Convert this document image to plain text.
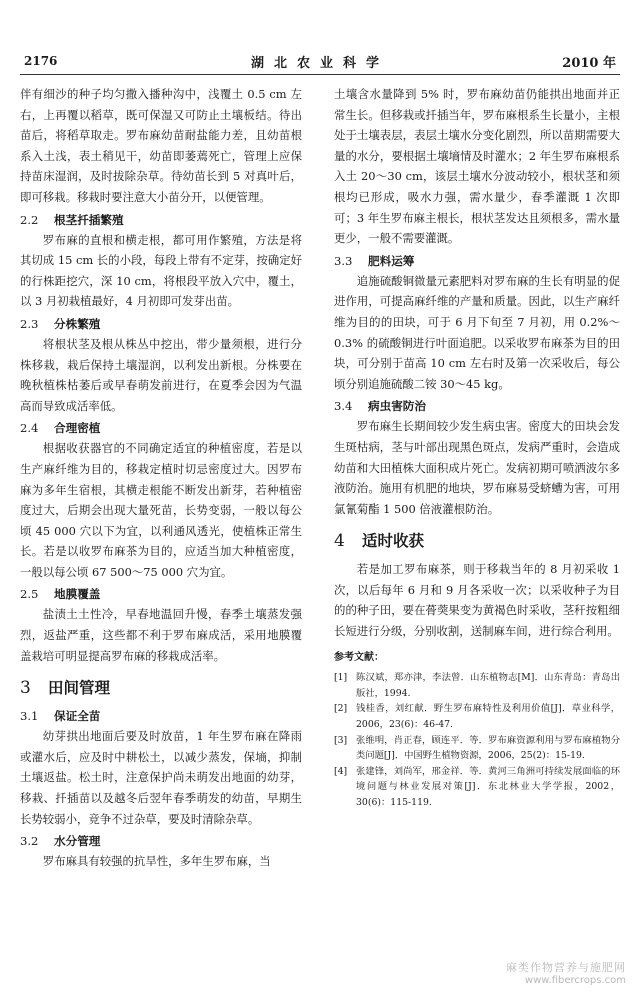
2176	湖北农业科学	2010 年

伴有细沙的种子均匀撒入播种沟中，浅覆土 0.5 cm 左右，上再覆以稻草，既可保湿又可防止土壤板结。待出苗后，将稻草取走。罗布麻幼苗耐盐能力差，且幼苗根系入土浅，表土稍见干，幼苗即萎蔫死亡，管理上应保持苗床湿润，及时拔除杂草。待幼苗长到 5 对真叶后，即可移栽。移栽时要注意大小苗分开，以便管理。

2.2 根茎扦插繁殖

罗布麻的直根和横走根，都可用作繁殖，方法是将其切成 15 cm 长的小段，每段上带有不定芽，按确定好的行株距挖穴，深 10 cm，将根段平放入穴中，覆土，以 3 月初栽植最好，4 月初即可发芽出苗。

2.3 分株繁殖

将根状茎及根从株丛中挖出，带少量须根，进行分株移栽，栽后保持土壤湿润，以利发出新根。分株要在晚秋植株枯萎后或早春萌发前进行，在夏季会因为气温高而导致成活率低。

2.4 合理密植

根据收获器官的不同确定适宜的种植密度，若是以生产麻纤维为目的，移栽定植时切忌密度过大。因罗布麻为多年生宿根，其横走根能不断发出新芽，若种植密度过大，后期会出现大量死苗，长势变弱，一般以每公顷 45 000 穴以下为宜，以利通风透光，使植株正常生长。若是以收罗布麻茶为目的，应适当加大种植密度，一般以每公顷 67 500～75 000 穴为宜。

2.5 地膜覆盖

盐渍土土性冷，早春地温回升慢，春季土壤蒸发强烈，返盐严重，这些都不利于罗布麻成活，采用地膜覆盖栽培可明显提高罗布麻的移栽成活率。

3 田间管理
3.1 保证全苗

幼芽拱出地面后要及时放苗，1 年生罗布麻在降雨或灌水后，应及时中耕松土，以减少蒸发，保墒，抑制土壤返盐。松土时，注意保护尚未萌发出地面的幼芽，移栽、扦插苗以及越冬后翌年春季萌发的幼苗，早期生长势较弱小，竞争不过杂草，要及时清除杂草。

3.2 水分管理

罗布麻具有较强的抗旱性，多年生罗布麻，当

土壤含水量降到 5% 时，罗布麻幼苗仍能拱出地面并正常生长。但移栽或扦插当年，罗布麻根系生长量小，主根处于土壤表层，表层土壤水分变化剧烈，所以苗期需要大量的水分，要根据土壤墒情及时灌水；2 年生罗布麻根系入土 20～30 cm，该层土壤水分波动较小，根状茎和须根均已形成，吸水力强，需水量少，春季灌溉 1 次即可；3 年生罗布麻主根长，根状茎发达且须根多，需水量更少，一般不需要灌溉。

3.3 肥料运筹

追施硫酸铜微量元素肥料对罗布麻的生长有明显的促进作用，可提高麻纤维的产量和质量。因此，以生产麻纤维为目的的田块，可于 6 月下旬至 7 月初，用 0.2%～0.3% 的硫酸铜进行叶面追肥。以采收罗布麻茶为目的田块，可分别于苗高 10 cm 左右时及第一次采收后，每公顷分别追施硫酸二铵 30～45 kg。

3.4 病虫害防治

罗布麻生长期间较少发生病虫害。密度大的田块会发生斑枯病，茎与叶部出现黑色斑点，发病严重时，会造成幼苗和大田植株大面积成片死亡。发病初期可喷洒波尔多液防治。施用有机肥的地块，罗布麻易受蛴螬为害，可用氯氰菊酯 1 500 倍液灌根防治。

4 适时收获

若是加工罗布麻茶，则于移栽当年的 8 月初采收 1 次，以后每年 6 月和 9 月各采收一次；以采收种子为目的的种子田，要在蓇葖果变为黄褐色时采收，茎秆按粗细长短进行分级，分别收割，送制麻车间，进行综合利用。

参考文献：
[1] 陈汉斌，郑亦津，李法曾．山东植物志[M]．山东青岛：青岛出版社，1994.
[2] 钱桂香，刘红献．野生罗布麻特性及利用价值[J]．草业科学，2006，23(6)：46-47.
[3] 张维明，肖正春，顾连平．等．罗布麻资源利用与罗布麻植物分类问题[J]．中国野生植物资源，2006，25(2)：15-19.
[4] 张建锋，刘尚军，邢金祥．等．黄河三角洲可持续发展面临的环境问题与林业发展对策[J]．东北林业大学学报，2002，30(6)：115-119.
麻类作物营养与施肥网
www.fibercrops.com
